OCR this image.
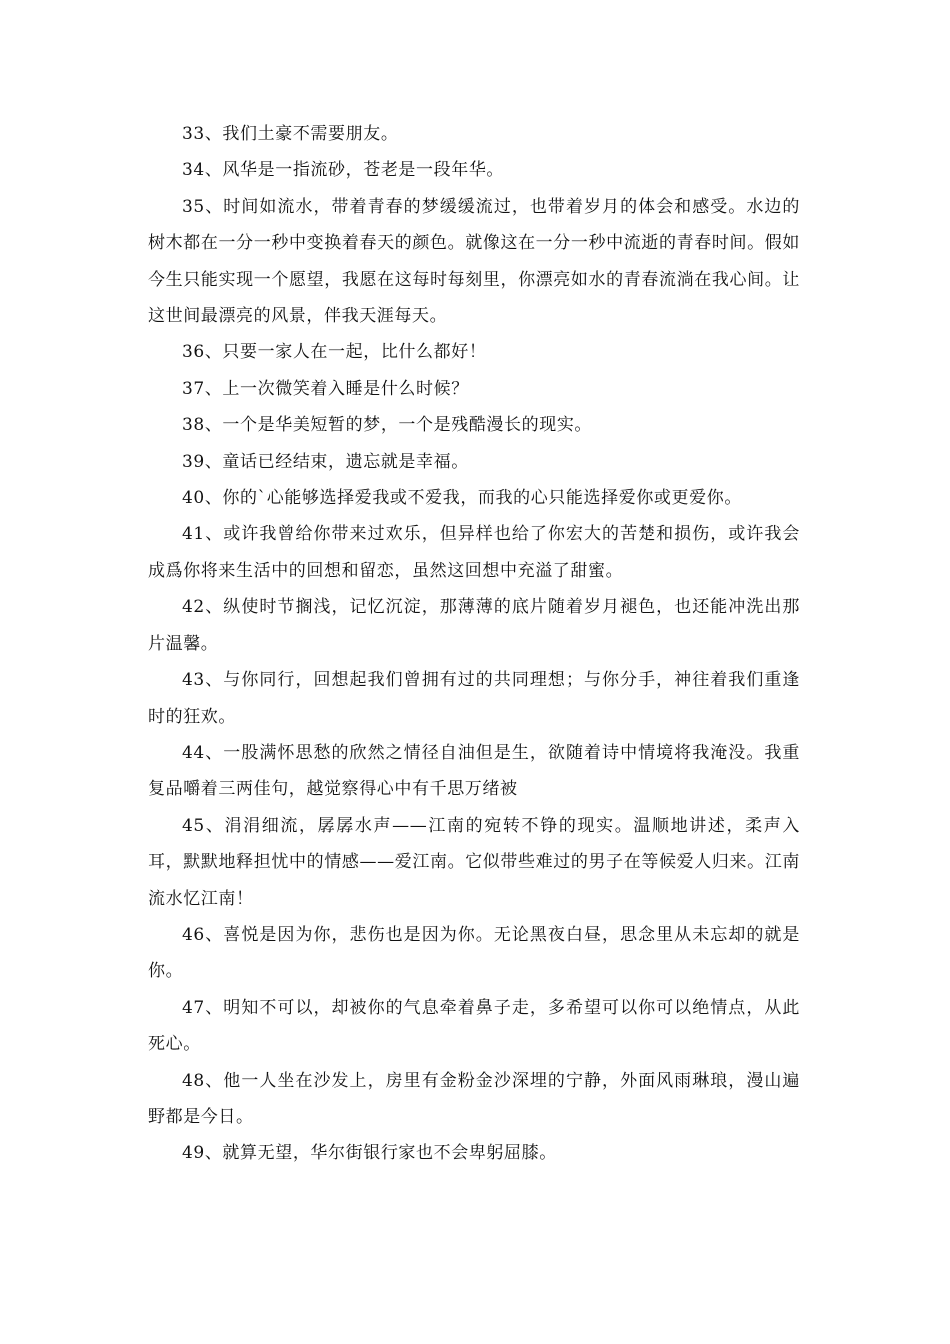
33、我们土豪不需要朋友。

34、风华是一指流砂，苍老是一段年华。

35、时间如流水，带着青春的梦缓缓流过，也带着岁月的体会和感受。水边的树木都在一分一秒中变换着春天的颜色。就像这在一分一秒中流逝的青春时间。假如今生只能实现一个愿望，我愿在这每时每刻里，你漂亮如水的青春流淌在我心间。让这世间最漂亮的风景，伴我天涯每天。

36、只要一家人在一起，比什么都好！

37、上一次微笑着入睡是什么时候？

38、一个是华美短暂的梦，一个是残酷漫长的现实。

39、童话已经结束，遗忘就是幸福。

40、你的`心能够选择爱我或不爱我，而我的心只能选择爱你或更爱你。

41、或许我曾给你带来过欢乐，但异样也给了你宏大的苦楚和损伤，或许我会成爲你将来生活中的回想和留恋，虽然这回想中充溢了甜蜜。

42、纵使时节搁浅，记忆沉淀，那薄薄的底片随着岁月褪色，也还能冲洗出那片温馨。

43、与你同行，回想起我们曾拥有过的共同理想；与你分手，神往着我们重逢时的狂欢。

44、一股满怀思愁的欣然之情径自油但是生，欲随着诗中情境将我淹没。我重复品嚼着三两佳句，越觉察得心中有千思万绪被

45、涓涓细流，孱孱水声——江南的宛转不铮的现实。温顺地讲述，柔声入耳，默默地释担忧中的情感——爱江南。它似带些难过的男子在等候爱人归来。江南流水忆江南！

46、喜悦是因为你，悲伤也是因为你。无论黑夜白昼，思念里从未忘却的就是你。

47、明知不可以，却被你的气息牵着鼻子走，多希望可以你可以绝情点，从此死心。

48、他一人坐在沙发上，房里有金粉金沙深埋的宁静，外面风雨琳琅，漫山遍野都是今日。

49、就算无望，华尔街银行家也不会卑躬屈膝。
